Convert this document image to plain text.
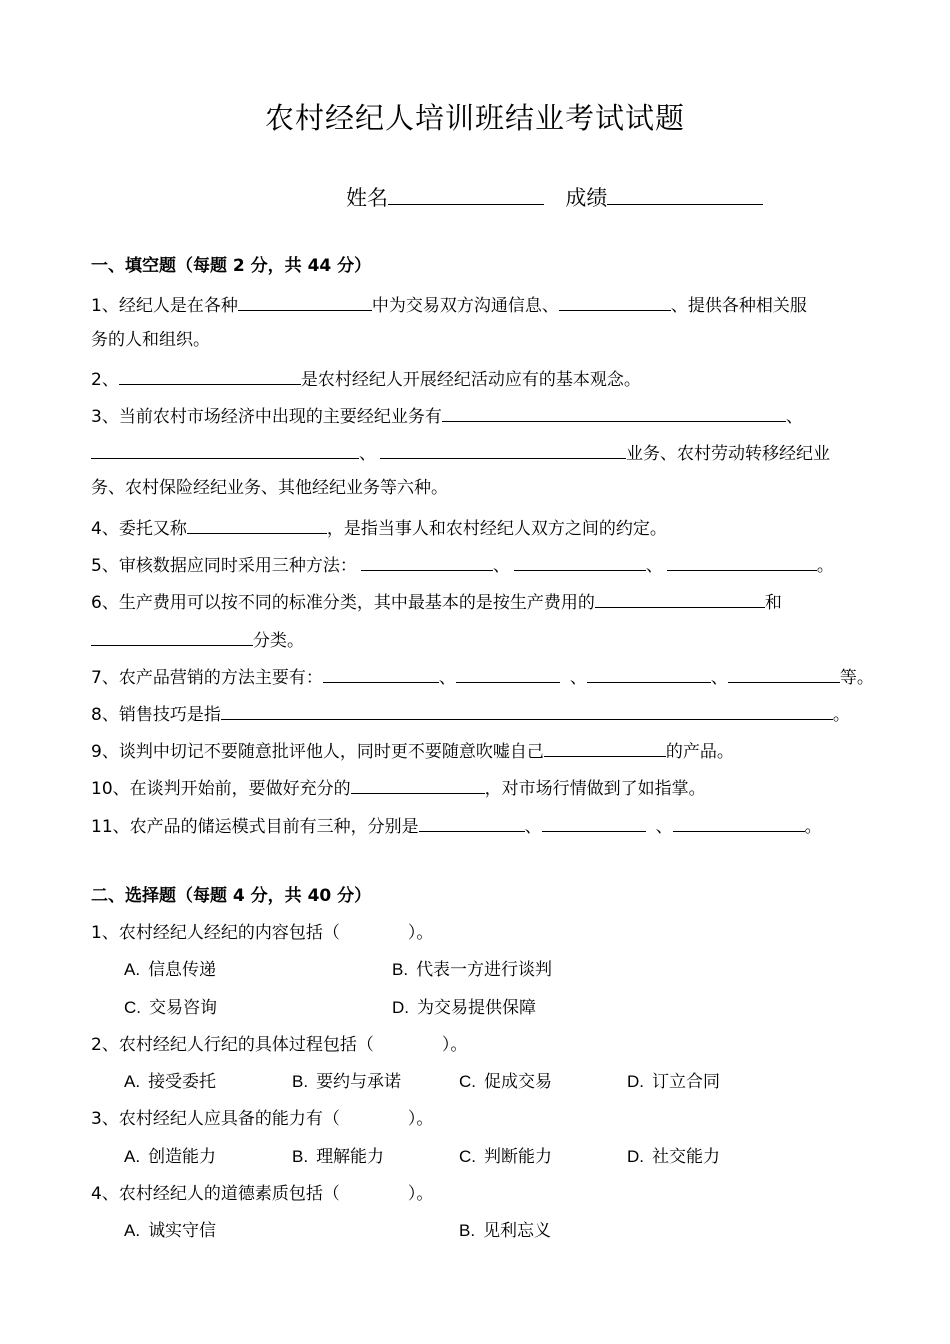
农村经纪人培训班结业考试试题
姓名	成绩
一、填空题（每题 2 分，共 44 分）
1、经纪人是在各种	中为交易双方沟通信息、	、提供各种相关服
务的人和组织。
2、	是农村经纪人开展经纪活动应有的基本观念。
3、当前农村市场经济中出现的主要经纪业务有	、
、	业务、农村劳动转移经纪业
务、农村保险经纪业务、其他经纪业务等六种。
4、委托又称	，是指当事人和农村经纪人双方之间的约定。
5、审核数据应同时采用三种方法：	、	、	。
6、生产费用可以按不同的标准分类，其中最基本的是按生产费用的	和
分类。
7、农产品营销的方法主要有：	、	、	、	等。
8、销售技巧是指	。
9、谈判中切记不要随意批评他人，同时更不要随意吹嘘自己	的产品。
10、在谈判开始前，要做好充分的	，对市场行情做到了如指掌。
11、农产品的储运模式目前有三种，分别是	、	、	。
二、选择题（每题 4 分，共 40 分）
1、农村经纪人经纪的内容包括（　　　　）。
A. 信息传递	B. 代表一方进行谈判
C. 交易咨询	D. 为交易提供保障
2、农村经纪人行纪的具体过程包括（　　　　）。
A. 接受委托	B. 要约与承诺	C. 促成交易	D. 订立合同
3、农村经纪人应具备的能力有（　　　　）。
A. 创造能力	B. 理解能力	C. 判断能力	D. 社交能力
4、农村经纪人的道德素质包括（　　　　）。
A. 诚实守信	B. 见利忘义
